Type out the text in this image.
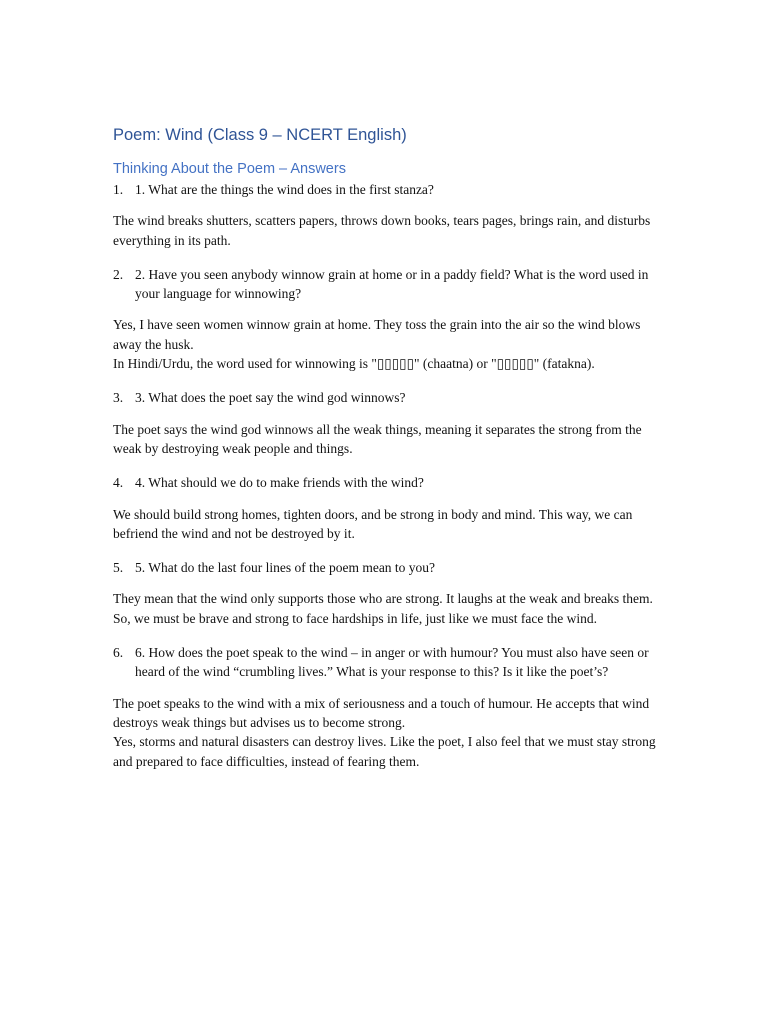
Poem: Wind (Class 9 – NCERT English)
Thinking About the Poem – Answers
1. 1. What are the things the wind does in the first stanza?
The wind breaks shutters, scatters papers, throws down books, tears pages, brings rain, and disturbs everything in its path.
2. 2. Have you seen anybody winnow grain at home or in a paddy field? What is the word used in your language for winnowing?
Yes, I have seen women winnow grain at home. They toss the grain into the air so the wind blows away the husk.
In Hindi/Urdu, the word used for winnowing is "▯▯▯▯▯" (chaatna) or "▯▯▯▯▯" (fatakna).
3. 3. What does the poet say the wind god winnows?
The poet says the wind god winnows all the weak things, meaning it separates the strong from the weak by destroying weak people and things.
4. 4. What should we do to make friends with the wind?
We should build strong homes, tighten doors, and be strong in body and mind. This way, we can befriend the wind and not be destroyed by it.
5. 5. What do the last four lines of the poem mean to you?
They mean that the wind only supports those who are strong. It laughs at the weak and breaks them. So, we must be brave and strong to face hardships in life, just like we must face the wind.
6. 6. How does the poet speak to the wind – in anger or with humour? You must also have seen or heard of the wind “crumbling lives.” What is your response to this? Is it like the poet’s?
The poet speaks to the wind with a mix of seriousness and a touch of humour. He accepts that wind destroys weak things but advises us to become strong.
Yes, storms and natural disasters can destroy lives. Like the poet, I also feel that we must stay strong and prepared to face difficulties, instead of fearing them.
